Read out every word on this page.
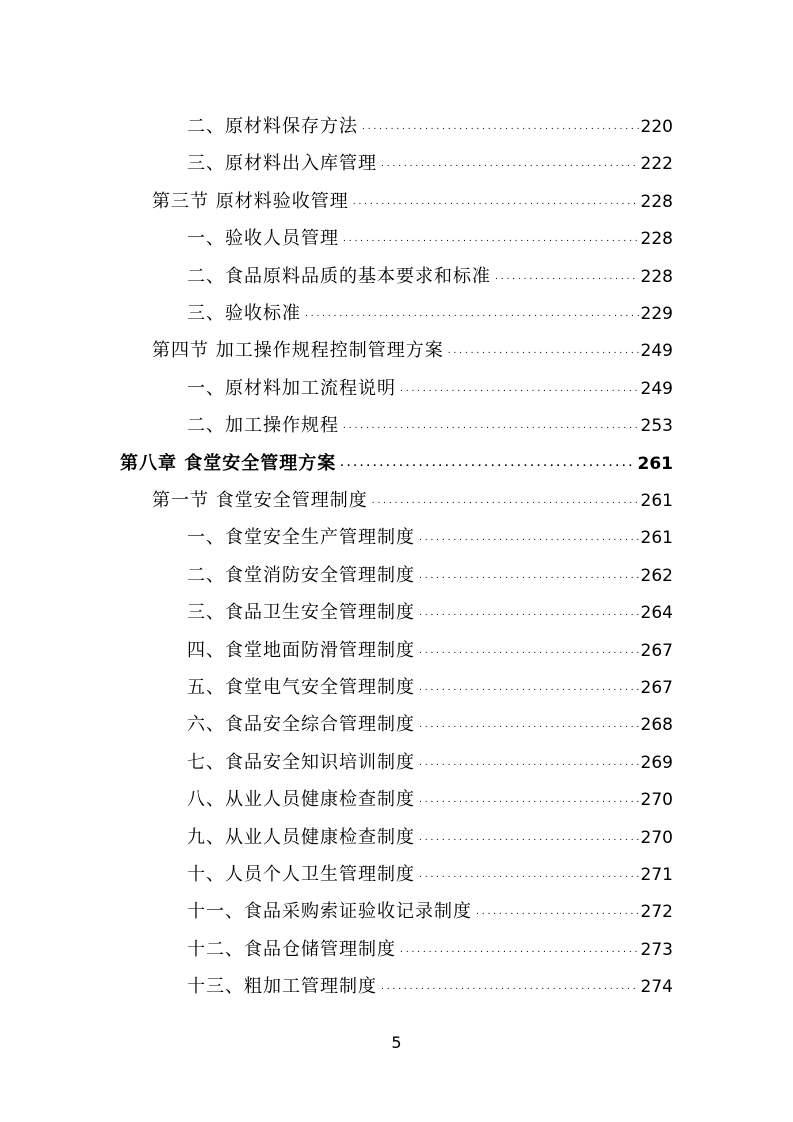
二、原材料保存方法 . . .	220
三、原材料出入库管理 . . .	222
第三节 原材料验收管理 . . .	228
一、验收人员管理 . . .	228
二、食品原料品质的基本要求和标准 . . .	228
三、验收标准 . . .	229
第四节 加工操作规程控制管理方案 . . .	249
一、原材料加工流程说明 . . .	249
二、加工操作规程 . . .	253
第八章 食堂安全管理方案 . . .	261
第一节 食堂安全管理制度 . . .	261
一、食堂安全生产管理制度 . . .	261
二、食堂消防安全管理制度 . . .	262
三、食品卫生安全管理制度 . . .	264
四、食堂地面防滑管理制度 . . .	267
五、食堂电气安全管理制度 . . .	267
六、食品安全综合管理制度 . . .	268
七、食品安全知识培训制度 . . .	269
八、从业人员健康检查制度 . . .	270
九、从业人员健康检查制度 . . .	270
十、人员个人卫生管理制度 . . .	271
十一、食品采购索证验收记录制度 . . .	272
十二、食品仓储管理制度 . . .	273
十三、粗加工管理制度 . . .	274
5
